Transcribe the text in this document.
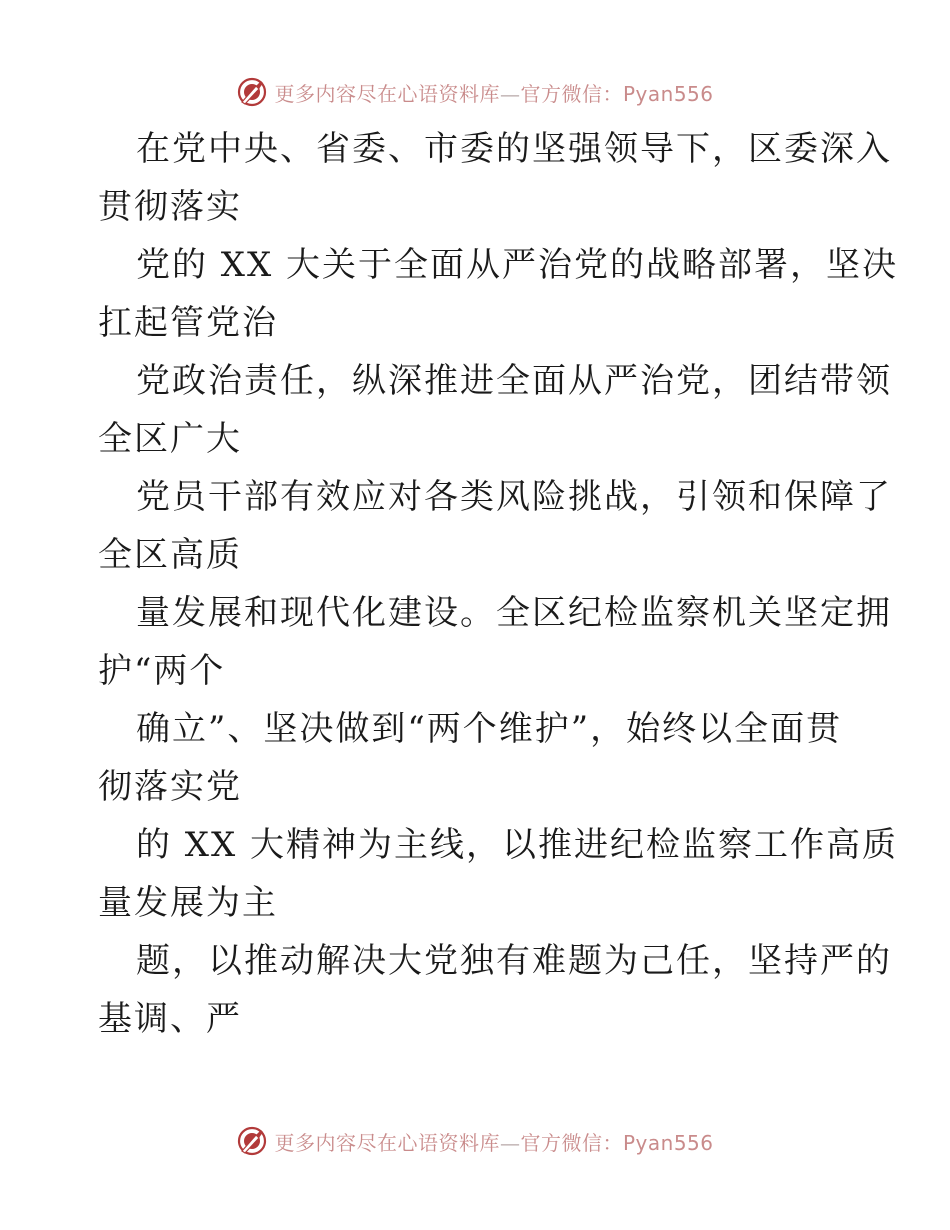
更多内容尽在心语资料库—官方微信：Pyan556
在党中央、省委、市委的坚强领导下，区委深入
贯彻落实
党的 XX 大关于全面从严治党的战略部署，坚决
扛起管党治
党政治责任，纵深推进全面从严治党，团结带领
全区广大
党员干部有效应对各类风险挑战，引领和保障了
全区高质
量发展和现代化建设。全区纪检监察机关坚定拥
护“两个
确立”、坚决做到“两个维护”，始终以全面贯
彻落实党
的 XX 大精神为主线，以推进纪检监察工作高质
量发展为主
题，以推动解决大党独有难题为己任，坚持严的
基调、严
更多内容尽在心语资料库—官方微信：Pyan556
